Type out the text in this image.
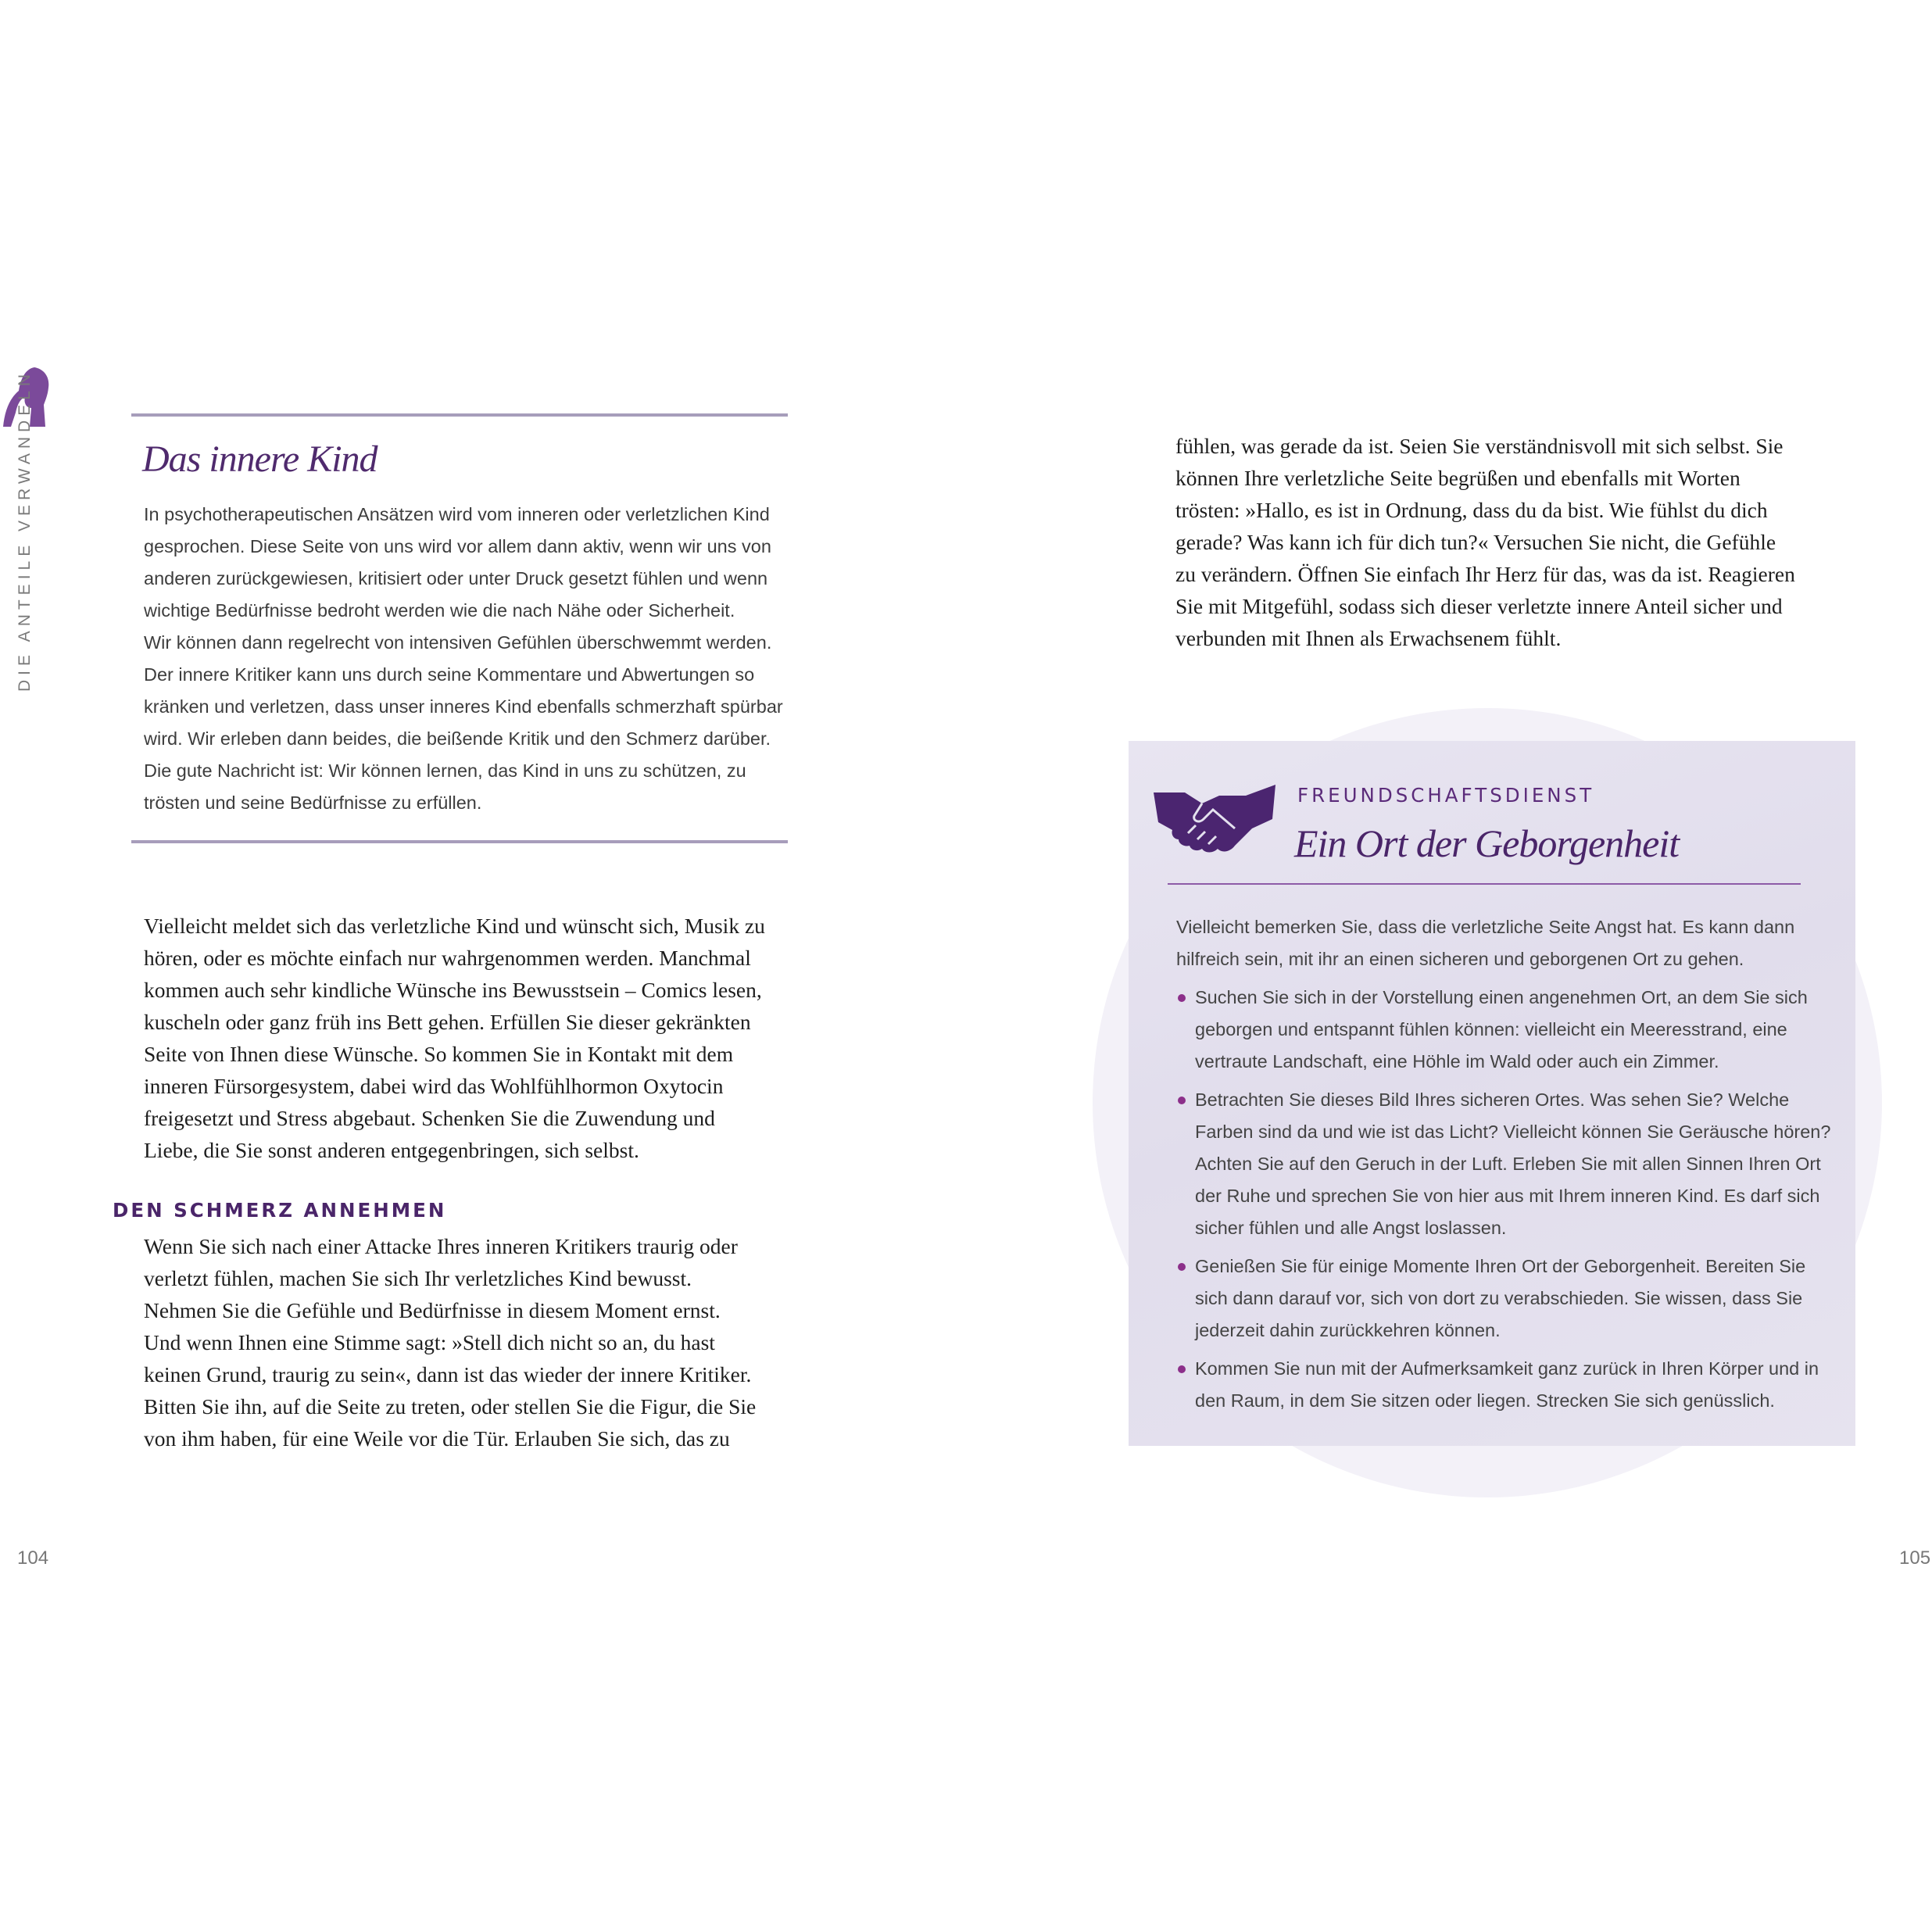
DIE ANTEILE VERWANDELN	Das innere Kind

In psychotherapeutischen Ansätzen wird vom inneren oder verletzlichen Kind

gesprochen. Diese Seite von uns wird vor allem dann aktiv, wenn wir uns von

anderen zurückgewiesen, kritisiert oder unter Druck gesetzt fühlen und wenn

wichtige Bedürfnisse bedroht werden wie die nach Nähe oder Sicherheit.

Wir können dann regelrecht von intensiven Gefühlen überschwemmt werden.

Der innere Kritiker kann uns durch seine Kommentare und Abwertungen so

kränken und verletzen, dass unser inneres Kind ebenfalls schmerzhaft spürbar

wird. Wir erleben dann beides, die beißende Kritik und den Schmerz darüber.

Die gute Nachricht ist: Wir können lernen, das Kind in uns zu schützen, zu

trösten und seine Bedürfnisse zu erfüllen.

Vielleicht meldet sich das verletzliche Kind und wünscht sich, Musik zu

hören, oder es möchte einfach nur wahrgenommen werden. Manchmal

kommen auch sehr kindliche Wünsche ins Bewusstsein – Comics lesen,

kuscheln oder ganz früh ins Bett gehen. Erfüllen Sie dieser gekränkten

Seite von Ihnen diese Wünsche. So kommen Sie in Kontakt mit dem

inneren Fürsorgesystem, dabei wird das Wohlfühlhormon Oxytocin

freigesetzt und Stress abgebaut. Schenken Sie die Zuwendung und

Liebe, die Sie sonst anderen entgegenbringen, sich selbst.

DEN SCHMERZ ANNEHMEN

Wenn Sie sich nach einer Attacke Ihres inneren Kritikers traurig oder

verletzt fühlen, machen Sie sich Ihr verletzliches Kind bewusst.

Nehmen Sie die Gefühle und Bedürfnisse in diesem Moment ernst.

Und wenn Ihnen eine Stimme sagt: »Stell dich nicht so an, du hast

keinen Grund, traurig zu sein«, dann ist das wieder der innere Kritiker.

Bitten Sie ihn, auf die Seite zu treten, oder stellen Sie die Figur, die Sie

von ihm haben, für eine Weile vor die Tür. Erlauben Sie sich, das zu

fühlen, was gerade da ist. Seien Sie verständnisvoll mit sich selbst. Sie

können Ihre verletzliche Seite begrüßen und ebenfalls mit Worten

trösten: »Hallo, es ist in Ordnung, dass du da bist. Wie fühlst du dich

gerade? Was kann ich für dich tun?« Versuchen Sie nicht, die Gefühle

zu verändern. Öffnen Sie einfach Ihr Herz für das, was da ist. Reagieren

Sie mit Mitgefühl, sodass sich dieser verletzte innere Anteil sicher und

verbunden mit Ihnen als Erwachsenem fühlt.

FREUNDSCHAFTSDIENST
Ein Ort der Geborgenheit

Vielleicht bemerken Sie, dass die verletzliche Seite Angst hat. Es kann dann

hilfreich sein, mit ihr an einen sicheren und geborgenen Ort zu gehen.

Suchen Sie sich in der Vorstellung einen angenehmen Ort, an dem Sie sich

geborgen und entspannt fühlen können: vielleicht ein Meeresstrand, eine

vertraute Landschaft, eine Höhle im Wald oder auch ein Zimmer.

Betrachten Sie dieses Bild Ihres sicheren Ortes. Was sehen Sie? Welche

Farben sind da und wie ist das Licht? Vielleicht können Sie Geräusche hören?

Achten Sie auf den Geruch in der Luft. Erleben Sie mit allen Sinnen Ihren Ort

der Ruhe und sprechen Sie von hier aus mit Ihrem inneren Kind. Es darf sich

sicher fühlen und alle Angst loslassen.

Genießen Sie für einige Momente Ihren Ort der Geborgenheit. Bereiten Sie

sich dann darauf vor, sich von dort zu verabschieden. Sie wissen, dass Sie

jederzeit dahin zurückkehren können.

Kommen Sie nun mit der Aufmerksamkeit ganz zurück in Ihren Körper und in

den Raum, in dem Sie sitzen oder liegen. Strecken Sie sich genüsslich.

104	105
